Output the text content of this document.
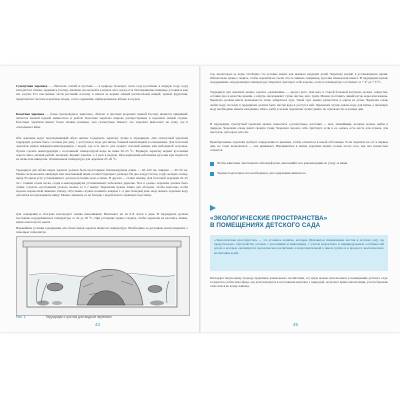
Сухопутная черепаха — обитатель степей и пустынь — в природе большую часть года (особенно в жаркую пору года) находится в спячке, зарываясь в почву. Активна она весной и в начале лета, когда есть благоприятные пищевые условия и еще нет засухи. Ест она мягкие части растений, поэтому в неволе ее кормят свежей растительной пищей, травой, фруктами, предпочитает желтые и красные плоды, салат, одуванчик, примороженное яблоко и огурец.

Болотная черепаха — более пресноводное животное, обитает в пресных водоемах южной России, является хищницей: питается мелкой водной живностью и рыбой. Болотная черепаха широко распространена в водоемах нашей страны. Болотные черепахи имеют более мелкие размеры, чем сухопутные. Бывает, что черепаха выползает на сушу, где и откладывает яйца.

Обе черепахи ведут малоподвижный образ жизни. Содержать черепаху лучше в террариуме. Для сухопутной черепахи террариум должен быть с песком (на дне), с доступом к воде для питья, боковой вентиляцией и освещением. Для болотной черепахи нужен аквариум-акватеррариум с водой, где есть место для отдыха: плоский камень или небольшой островок. Лучше сделать акватеррариум с постоянной температурой воды не ниже 20–25 °C. Водяную черепаху кормят кусочками сырого мяса, мелкой рыбой, мотылем. Кормят черепах 1–2 раза в неделю. При кормлении небольшие кусочки еды подаются на палке или пинцетом. Оптимальная температура для черепахи 25–26 °C.

Террариум для обоих видов черепах должен быть просторным. Рекомендуемая длина — 60–100 см, ширина — 40–50 см. Можно использовать аквариум или пластиковый ящик соответствующего размера. На дно кладут песок, торф, мелкую гальку, щепу. В одном углу устанавливают «уголок пустыни» или «степи». В другом — ставят поилку. Для болотной черепахи 20–25 см с тонким слоем песка, сзади в акватеррариуме устанавливают небольшое укрытие. Пол в «доме» черепахи должен быть сухим. Сделать «пустынный уголок» можно за 5–7 минут. Черепахам нужна лампа для обогрева, чтобы взрослые особи хорошо переносили зимнюю спячку. «Пустыню» нужно поливать каждые 1–2 дня. Каждый день надо менять черепахе воду для питья и подкладывать пищу. Можно заменять ее на блюдце с водой или на травяную подстилку.

Для освещения и обогрева используют лампы накаливания. Включают их на 6–8 часов в день. В террариуме должна постоянно поддерживаться температура от 24 до 30 °С. При установке нужно следить, чтобы черепахи не касались лампы, иначе они получат ожоги.

Важнейшие условия содержания для обоих видов черепах является температура. Необходимо ее регулярно контролировать с помощью термометра.

Рис. 1.	Террариум с гротом для водной черепахи
44

ток, желательно ее корм. Особенно это условие важно для немного ведущих детей. Черепаху кормят в установленное время. Обязательно нужно следить, чтобы черепахи не съели что-то лишнее, например, кусочки пленки или пакета. В террариуме нужно поддерживать определенную температуру. Черепаха чувствует себя хорошо, если ее температура составляет от + 4° до + 6 °С.

Террариум для черепахи можно сделать «домашним» — вроде грота. Для него в старой большой кастрюле делают отверстие, оставив дно в качестве крыши, а внутрь закладывают сухие листья, мох, траву. Можно поставить дикий кусок коры или камень. Черепаха должна иметь возможность легко забираться туда. Такой грот можно разместить в одном из углов. Черепахи очень любят воду, поэтому в террариуме должна быть чистая вода и доступ к ней. Черепахам лучше давать воду для питья, а питьевую воду необходимо менять ежедневно. Мясо, рыбу и зелень черепахам лучше давать по отдельности, в разные дни.

В террариуме сухопутной черепахи можно поместить «сухопутные» растения — мох, лишайники, которые можно найти в природе. Черепахи очень ценят свежую траву. Черепаха хорошо себя чувствует, если в ее «доме» есть места для отдыха, для прогулок, для еды и для сна.

Приобретенные черепахи требуют определенного времени, чтобы освоиться в новой обстановке. Если черепаха не ест в первые дни, не стоит волноваться — она привыкает. Вмешиваться в жизнь черепахи можно только после того, как она полностью освоится.

Чтобы животные чувствовали себя комфортно, выполняйте все рекомендации по уходу за ними.

Заранее подготовьте все необходимое для содержания животного.

Благодаря творческому подходу практиков дошкольного воспитания, эту идею можно использовать в помещениях детского сада. Создается особая атмосфера, где дети находятся в постоянном контакте с природой, получают яркие впечатления, учатся бережно относиться ко всему живому.

45
«ЭКОЛОГИЧЕСКИЕ ПРОСТРАНСТВА»
В ПОМЕЩЕНИЯХ ДЕТСКОГО САДА

«Экологические пространства» — это условное понятие, которым (Ясновиты) специальным местом в детском саду, где предусмотрено обустройство уголков с растениями и животными, с учетом возрастных и индивидуальных особенностей детей, в которых организуется экологическое воспитание в подготовительной к школе группе и в процессе экологического воспитания детей.
